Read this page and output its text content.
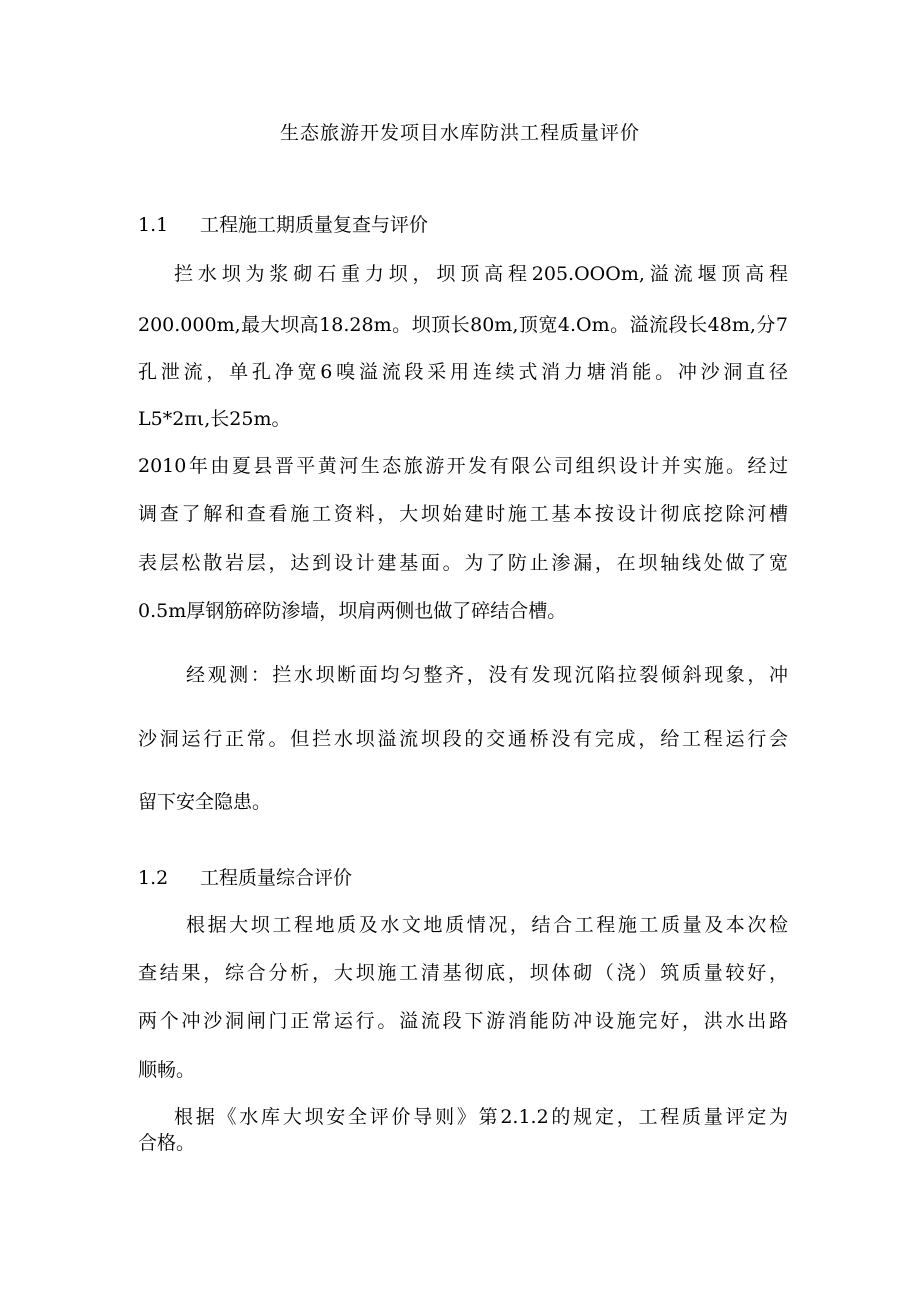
生态旅游开发项目水库防洪工程质量评价
1.1 工程施工期质量复查与评价
拦水坝为浆砌石重力坝，坝顶高程205.OOOm,溢流堰顶高程
200.000m,最大坝高18.28m。坝顶长80m,顶宽4.Om。溢流段长48m,分7
孔泄流，单孔净宽6嗅溢流段采用连续式消力塘消能。冲沙洞直径
L5*2πι,长25m。
2010年由夏县晋平黄河生态旅游开发有限公司组织设计并实施。经过
调查了解和查看施工资料，大坝始建时施工基本按设计彻底挖除河槽
表层松散岩层，达到设计建基面。为了防止渗漏，在坝轴线处做了宽
0.5m厚钢筋碎防渗墙，坝肩两侧也做了碎结合槽。
经观测：拦水坝断面均匀整齐，没有发现沉陷拉裂倾斜现象，冲
沙洞运行正常。但拦水坝溢流坝段的交通桥没有完成，给工程运行会
留下安全隐患。
1.2 工程质量综合评价
根据大坝工程地质及水文地质情况，结合工程施工质量及本次检
查结果，综合分析，大坝施工清基彻底，坝体砌（浇）筑质量较好，
两个冲沙洞闸门正常运行。溢流段下游消能防冲设施完好，洪水出路
顺畅。
根据《水库大坝安全评价导则》第2.1.2的规定，工程质量评定为
合格。
